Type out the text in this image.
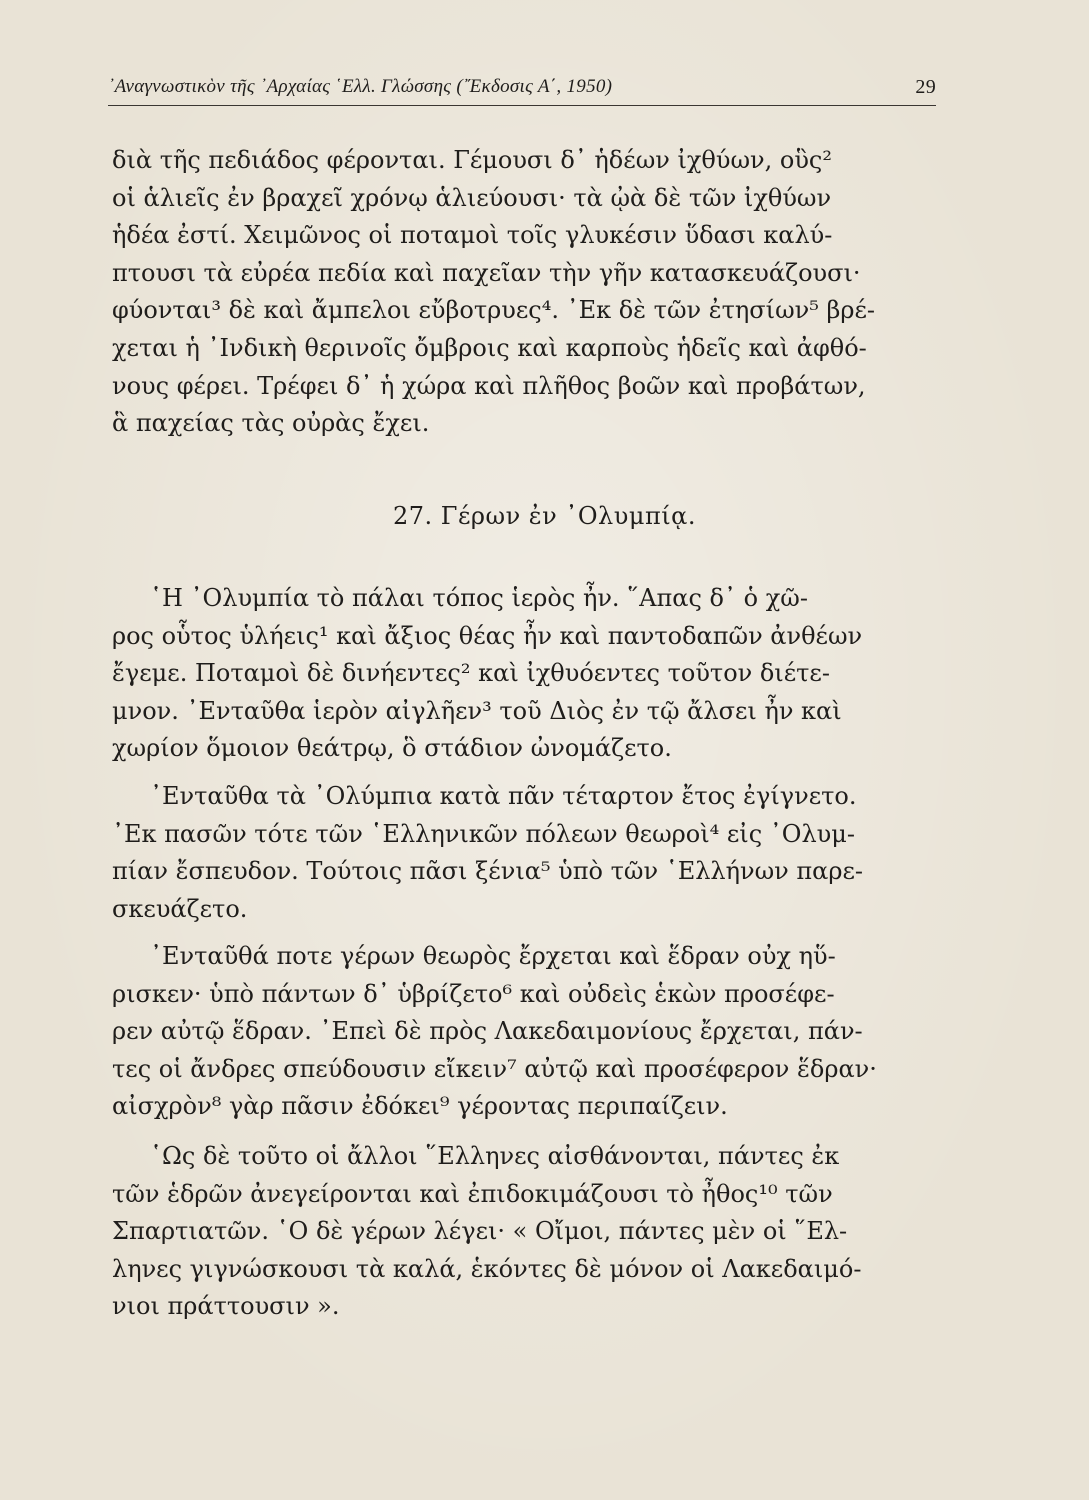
᾿Αναγνωστικὸν τῆς ᾿Αρχαίας ῾Ελλ. Γλώσσης (῎Εκδοσις Α΄, 1950)	29

διὰ τῆς πεδιάδος φέρονται. Γέμουσι δ᾿ ἡδέων ἰχθύων, οὓς²

οἱ ἁλιεῖς ἐν βραχεῖ χρόνῳ ἁλιεύουσι· τὰ ᾠὰ δὲ τῶν ἰχθύων

ἡδέα ἐστί. Χειμῶνος οἱ ποταμοὶ τοῖς γλυκέσιν ὕδασι καλύ-

πτουσι τὰ εὐρέα πεδία καὶ παχεῖαν τὴν γῆν κατασκευάζουσι·

φύονται³ δὲ καὶ ἄμπελοι εὔβοτρυες⁴. ᾿Εκ δὲ τῶν ἐτησίων⁵ βρέ-

χεται ἡ ᾿Ινδικὴ θερινοῖς ὄμβροις καὶ καρποὺς ἡδεῖς καὶ ἀφθό-

νους φέρει. Τρέφει δ᾿ ἡ χώρα καὶ πλῆθος βοῶν καὶ προβάτων,

ἃ παχείας τὰς οὐρὰς ἔχει.

27. Γέρων ἐν ᾿Ολυμπίᾳ.

῾Η ᾿Ολυμπία τὸ πάλαι τόπος ἱερὸς ἦν. ῞Απας δ᾿ ὁ χῶ-

ρος οὗτος ὑλήεις¹ καὶ ἄξιος θέας ἦν καὶ παντοδαπῶν ἀνθέων

ἔγεμε. Ποταμοὶ δὲ δινήεντες² καὶ ἰχθυόεντες τοῦτον διέτε-

μνον. ᾿Ενταῦθα ἱερὸν αἰγλῆεν³ τοῦ Διὸς ἐν τῷ ἄλσει ἦν καὶ

χωρίον ὅμοιον θεάτρῳ, ὃ στάδιον ὠνομάζετο.

᾿Ενταῦθα τὰ ᾿Ολύμπια κατὰ πᾶν τέταρτον ἔτος ἐγίγνετο.

᾿Εκ πασῶν τότε τῶν ῾Ελληνικῶν πόλεων θεωροὶ⁴ εἰς ᾿Ολυμ-

πίαν ἔσπευδον. Τούτοις πᾶσι ξένια⁵ ὑπὸ τῶν ῾Ελλήνων παρε-

σκευάζετο.

᾿Ενταῦθά ποτε γέρων θεωρὸς ἔρχεται καὶ ἕδραν οὐχ ηὕ-

ρισκεν· ὑπὸ πάντων δ᾿ ὑβρίζετο⁶ καὶ οὐδεὶς ἑκὼν προσέφε-

ρεν αὐτῷ ἕδραν. ᾿Επεὶ δὲ πρὸς Λακεδαιμονίους ἔρχεται, πάν-

τες οἱ ἄνδρες σπεύδουσιν εἴκειν⁷ αὐτῷ καὶ προσέφερον ἕδραν·

αἰσχρὸν⁸ γὰρ πᾶσιν ἐδόκει⁹ γέροντας περιπαίζειν.

῾Ως δὲ τοῦτο οἱ ἄλλοι ῞Ελληνες αἰσθάνονται, πάντες ἐκ

τῶν ἑδρῶν ἀνεγείρονται καὶ ἐπιδοκιμάζουσι τὸ ἦθος¹⁰ τῶν

Σπαρτιατῶν. ῾Ο δὲ γέρων λέγει· « Οἴμοι, πάντες μὲν οἱ ῞Ελ-

ληνες γιγνώσκουσι τὰ καλά, ἑκόντες δὲ μόνον οἱ Λακεδαιμό-

νιοι πράττουσιν ».
